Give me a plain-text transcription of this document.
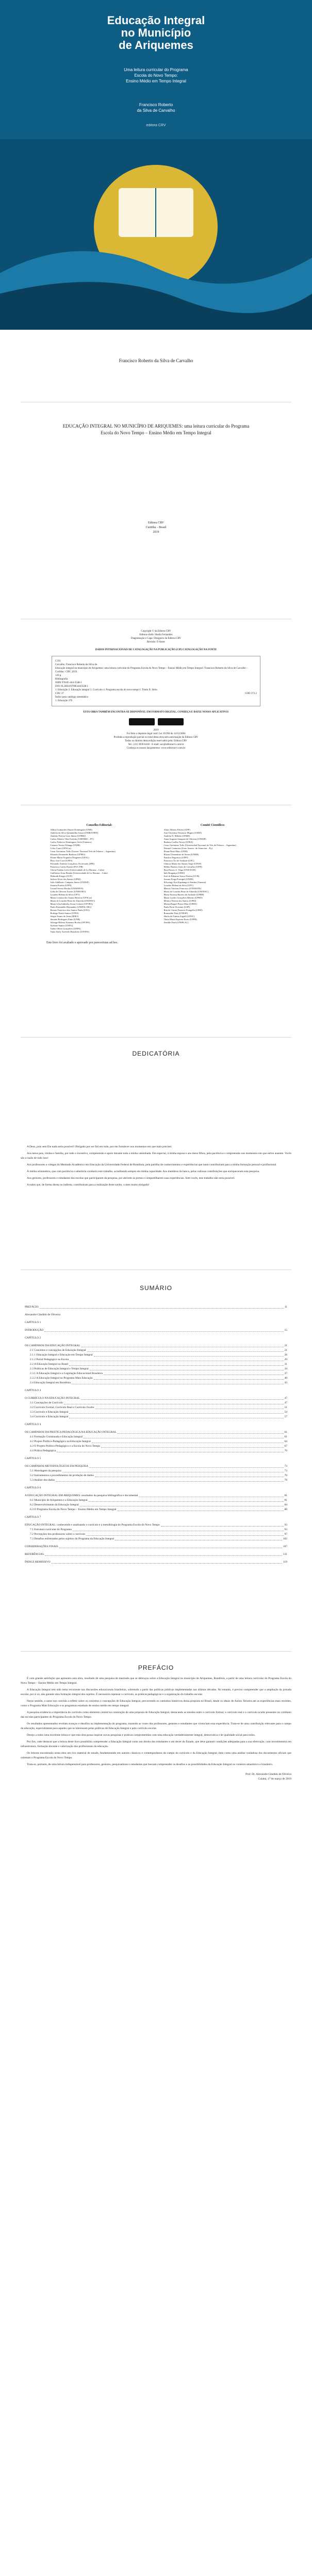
Educação Integral
no Município
de Ariquemes
Uma leitura curricular do Programa
Escola do Novo Tempo:
Ensino Médio em Tempo Integral
Francisco Roberto
da Silva de Carvalho
editora CRV
Francisco Roberto da Silva de Carvalho
EDUCAÇÃO INTEGRAL NO MUNICÍPIO DE ARIQUEMES: uma leitura curricular do Programa Escola do Novo Tempo – Ensino Médio em Tempo Integral
Editora CRV
Curitiba – Brasil
2019
Copyright © da Editora CRV
Editora-chefe: Sheila Fernandes
Diagramação e Capa: Designers da Editora CRV
Revisão: O Autor
DADOS INTERNACIONAIS DE CATALOGAÇÃO NA PUBLICAÇÃO (CIP) CATALOGAÇÃO NA FONTE
C331
Carvalho, Francisco Roberto da Silva de.
Educação integral no município de Ariquemes: uma leitura curricular do Programa Escola do Novo Tempo – Ensino Médio em Tempo Integral / Francisco Roberto da Silva de Carvalho – Curitiba : CRV, 2019.
120 p.
Bibliografia
ISBN 978-85-444-3548-1
DOI 10.24824/978854443548.1
1. Educação 2. Educação integral 3. Currículo 4. Programa escola do novo tempo I. Título II. Série.
CDU 37	CDD 373.2
Índice para catálogo sistemático
1. Educação 370
ESTA OBRA TAMBÉM ENCONTRA-SE DISPONÍVEL EM FORMATO DIGITAL. CONHEÇA E BAIXE NOSSO APLICATIVO!
2019
Foi feito o depósito legal conf. Lei 10.994 de 14/12/2004
Proibida a reprodução parcial ou total desta obra sem autorização da Editora CRV
Todos os direitos desta edição reservados pela: Editora CRV
Tel.: (41) 3039-6418 - E-mail: sac@editoracrv.com.br
Conheça os nossos lançamentos: www.editoracrv.com.br
Conselho Editorial:
Aldira Guimarães Duarte Domínguez (UNB)
Andréia da Silva Quintanilha Sousa (UNIR/UFRN)
Antônio Pereira Gaio Júnior (UFRRJ)
Carlos Alberto Vilar Estêvão (UMINHO – PT)
Carlos Federico Dominguez Avila (Unieuro)
Carmen Tereza Velanga (UNIR)
Celso Conti (UFSCar)
Cesar Gerónimo Tello (Univer. Nacional Três de Febrero – Argentina)
Eduardo Fernandes Barbosa (UFMG)
Elione Maria Nogueira Diogenes (UFAL)
Élsio José Corá (UFFS)
Fernando Antônio Gonçalves Alcoforado (IPB)
Francisco Carlos Duarte (PUC-PR)
Gloria Fariñas León (Universidade de La Havana – Cuba)
Guillermo Arias Beatón (Universidade de La Havana – Cuba)
Helmuth Krüger (UCP)
Jailson Alves dos Santos (UFRJ)
João Adalberto Campato Junior (UNESP)
Josania Portela (UFPI)
Leonel Severo Rocha (UNISINOS)
Lídia de Oliveira Xavier (UNIEURO)
Lourdes Helena da Silva (UFV)
Maria Cristina dos Santos Bezerra (UFSCar)
Maria de Lourdes Pinto de Almeida (UNOESC)
Maria Lília Imbiriba Sousa Colares (UFOPA)
Paulo Romualdo Hernandes (UNIFAL-MG)
Renato Francisco dos Santos Paula (UFG)
Rodrigo Pratte-Santos (UFES)
Sérgio Nunes de Jesus (IFRO)
Simone Rodrigues Pinto (UNB)
Solange Helena Ximenes-Rocha (UFOPA)
Sydione Santos (UEPG)
Tadeu Oliver Gonçalves (UFPA)
Tania Suely Azevedo Brasileiro (UFOPA)
Comitê Científico:
Altair Alberto Fávero (UPF)
Ana Chrystina Venancio Mignot (UERJ)
Andréia N. Militão (UEMS)
Anna Augusta Sampaio de Oliveira (UNESP)
Barbara Coelho Neves (UFBA)
Cesar Gerónimo Tello (Universidad Nacional de Três de Febrero – Argentina)
Diosnel Centurion (Univ Americ. de Asunción – Py)
Eliane Rose Maio (UEM)
Elizeu Clementino de Souza (UNEB)
Fauston Negreiros (UFPI)
Francisco Ari de Andrade (UFC)
Gláucia Maria dos Santos Jorge (UFOP)
Helder Buenos Aires de Carvalho (UFPI)
Ilma Passos A. Veiga (UNICEUB)
Inês Bragança (UERJ)
José de Ribamar Sousa Pereira (UCB)
Jussara Fraga Portugal (UNEB)
Kilwangy Kya Kapitango-a-Samba (Unemat)
Lourdes Helena da Silva (UFV)
Marcos Vinicius Francisco (UNOESTE)
Maria de Lourdes Pinto de Almeida (UNOESC)
Maria Eurácia Barreto de Andrade (UFRB)
Maria Lurdes Gonçalves Ribeiro (UFRN)
Mônica Pereira dos Santos (UFRJ)
Mirian Raquel Piazzi Mari (UFRN)
Paula Perin Vicentini (USP)
Rita de Cássia Prazeres Frangella (UERJ)
Romualdo Dias (UNESP)
Sheila de Fatima Zagolli (UFSC)
Tânia Maria Esperon Porto (UFPB)
Zenilde Durli (UNIPLAC)
Este livro foi avaliado e aprovado por pareceristas ad hoc.
DEDICATÓRIA

A Deus, pois sem Ele nada seria possível! Obrigado por ser fiel em tudo, por me fortalecer nos momentos em que mais precisei.

Aos meus pais, irmãos e família, por todo o incentivo, compreensão e apoio durante toda a minha caminhada. Em especial, à minha esposa e aos meus filhos, pela paciência e compreensão nos momentos em que estive ausente. Vocês são a razão de tudo isso!

Aos professores e colegas do Mestrado Acadêmico em Educação da Universidade Federal de Rondônia, pela partilha de conhecimentos e experiências que tanto contribuíram para a minha formação pessoal e profissional.

À minha orientadora, que com paciência e sabedoria conduziu este trabalho, acreditando sempre em minha capacidade. Aos membros da banca, pelas valiosas contribuições que enriqueceram esta pesquisa.

Aos gestores, professores e estudantes das escolas que participaram da pesquisa, por abrirem as portas e compartilharem suas experiências. Sem vocês, este trabalho não seria possível.

A todos que, de forma direta ou indireta, contribuíram para a realização deste sonho, o meu muito obrigado!

SUMÁRIO
PREFÁCIO	11
Alexandre Cândido de Oliveira
CAPÍTULO 1
INTRODUÇÃO	15
CAPÍTULO 2
OS CAMINHOS DA EDUCAÇÃO INTEGRAL	21
2.1 Conceitos e concepções de Educação Integral	21
2.1.1 Educação Integral e Educação em Tempo Integral	26
2.1.2 Portal Pedagógico na Escola	29
2.2 A Educação Integral no Brasil	31
2.3 Políticas de Educação Integral e Tempo Integral	34
2.3.1 A Educação Integral e a Legislação Educacional Brasileira	37
2.3.2 A Educação Integral no Programa Mais Educação	40
2.4 Educação Integral em Rondônia	43
CAPÍTULO 3
O CURRÍCULO NA EDUCAÇÃO INTEGRAL	47
3.1 Concepções de Currículo	47
3.2 Currículo Formal, Currículo Real e Currículo Oculto	51
3.3 Currículo e Educação Integral	54
3.4 Currículo e Educação Integral	57
CAPÍTULO 4
OS CAMINHOS DA PRÁTICA PEDAGÓGICA NA EDUCAÇÃO INTEGRAL	61
4.1 Formação Continuada e Educação Integral	61
4.2 Projeto Político-Pedagógico na Educação Integral	64
4.3 O Projeto Político-Pedagógico e a Escola do Novo Tempo	67
4.4 Prática Pedagógica	70
CAPÍTULO 5
OS CAMINHOS METODOLÓGICOS DA PESQUISA	73
5.1 Abordagem da pesquisa	73
5.2 Instrumentos e procedimentos de produção de dados	76
5.3 Análise dos dados	78
CAPÍTULO 6
A EDUCAÇÃO INTEGRAL EM ARIQUEMES: resultados da pesquisa bibliográfica e documental	81
6.1 Município de Ariquemes e a Educação Integral	81
6.2 Desenvolvimento da Educação Integral	84
6.3 O Programa Escola do Novo Tempo – Ensino Médio em Tempo Integral	88
CAPÍTULO 7
EDUCAÇÃO INTEGRAL: conhecendo e analisando o currículo e a metodologia do Programa Escola do Novo Tempo	93
7.1 Estrutura curricular do Programa	93
7.2 Percepções dos professores sobre o currículo	97
7.3 Desafios enfrentados pelos sujeitos do Programa da Educação Integral	102
CONSIDERAÇÕES FINAIS	107
REFERÊNCIAS	111
ÍNDICE REMISSIVO	119
PREFÁCIO

É com grande satisfação que apresento esta obra, resultado de uma pesquisa de mestrado que se debruçou sobre a Educação Integral no município de Ariquemes, Rondônia, a partir de uma leitura curricular do Programa Escola do Novo Tempo – Ensino Médio em Tempo Integral.

A Educação Integral tem sido tema recorrente nas discussões educacionais brasileiras, sobretudo a partir das políticas públicas implementadas nas últimas décadas. No entanto, é preciso compreender que a ampliação da jornada escolar, por si só, não garante uma formação integral dos sujeitos. É necessário repensar o currículo, as práticas pedagógicas e a organização do trabalho escolar.

Nesse sentido, o autor nos convida a refletir sobre os conceitos e concepções de Educação Integral, percorrendo os caminhos históricos dessa proposta no Brasil, desde os ideais de Anísio Teixeira até as experiências mais recentes, como o Programa Mais Educação e os programas estaduais de ensino médio em tempo integral.

A pesquisa evidencia a importância do currículo como elemento central na construção de uma proposta de Educação Integral, destacando as tensões entre o currículo formal, o currículo real e o currículo oculto presentes no cotidiano das escolas participantes do Programa Escola do Novo Tempo.

Os resultados apresentados revelam avanços e desafios na implementação do programa, trazendo as vozes dos professores, gestores e estudantes que vivenciam essa experiência. Trata-se de uma contribuição relevante para o campo da educação, especialmente para aqueles que se interessam pelas políticas de Educação Integral e pelo currículo escolar.

Desejo a todos uma excelente leitura e que esta obra possa inspirar novas pesquisas e práticas comprometidas com uma educação verdadeiramente integral, democrática e de qualidade social para todos.

Por fim, cabe destacar que a leitura deste livro possibilita compreender a Educação Integral como um direito dos estudantes e um dever do Estado, que deve garantir condições adequadas para a sua efetivação, com investimentos em infraestrutura, formação docente e valorização dos profissionais da educação.

Os leitores encontrarão nesta obra um rico material de estudo, fundamentado em autores clássicos e contemporâneos do campo do currículo e da Educação Integral, bem como uma análise cuidadosa dos documentos oficiais que orientam o Programa Escola do Novo Tempo.

Trata-se, portanto, de uma leitura indispensável para professores, gestores, pesquisadores e estudantes que buscam compreender os desafios e as possibilidades da Educação Integral no contexto amazônico e brasileiro.

Prof. Dr. Alexandre Cândido de Oliveira
Cuiabá, 17 de março de 2019
